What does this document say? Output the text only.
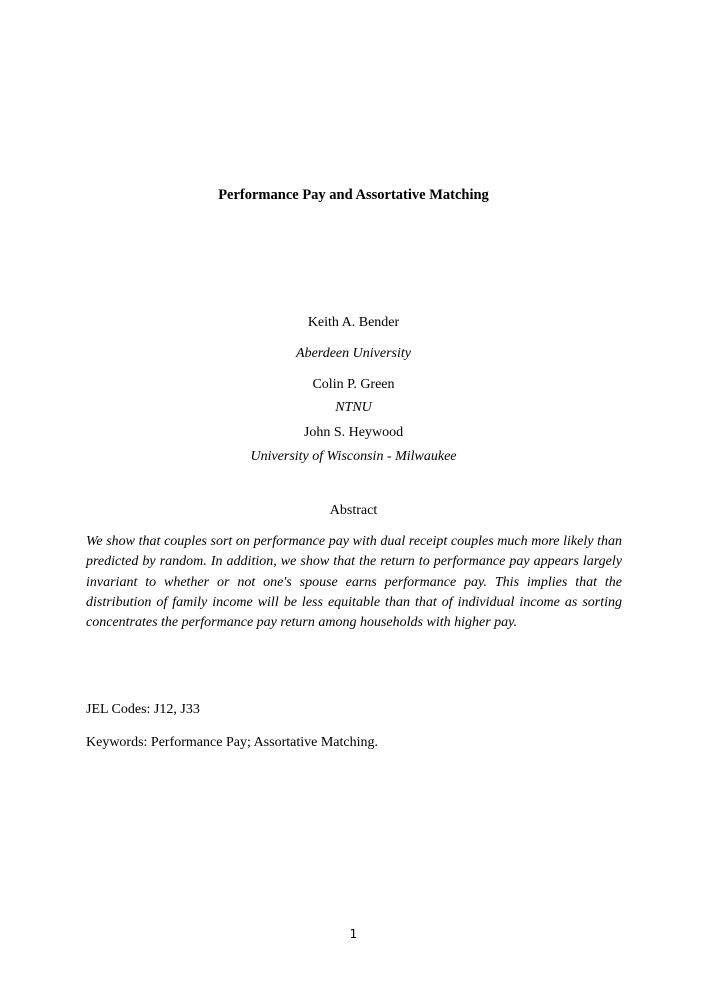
Performance Pay and Assortative Matching
Keith A. Bender
Aberdeen University
Colin P. Green
NTNU
John S. Heywood
University of Wisconsin - Milwaukee
Abstract
We show that couples sort on performance pay with dual receipt couples much more likely than predicted by random. In addition, we show that the return to performance pay appears largely invariant to whether or not one's spouse earns performance pay. This implies that the distribution of family income will be less equitable than that of individual income as sorting concentrates the performance pay return among households with higher pay.
JEL Codes: J12, J33
Keywords: Performance Pay; Assortative Matching.
1
